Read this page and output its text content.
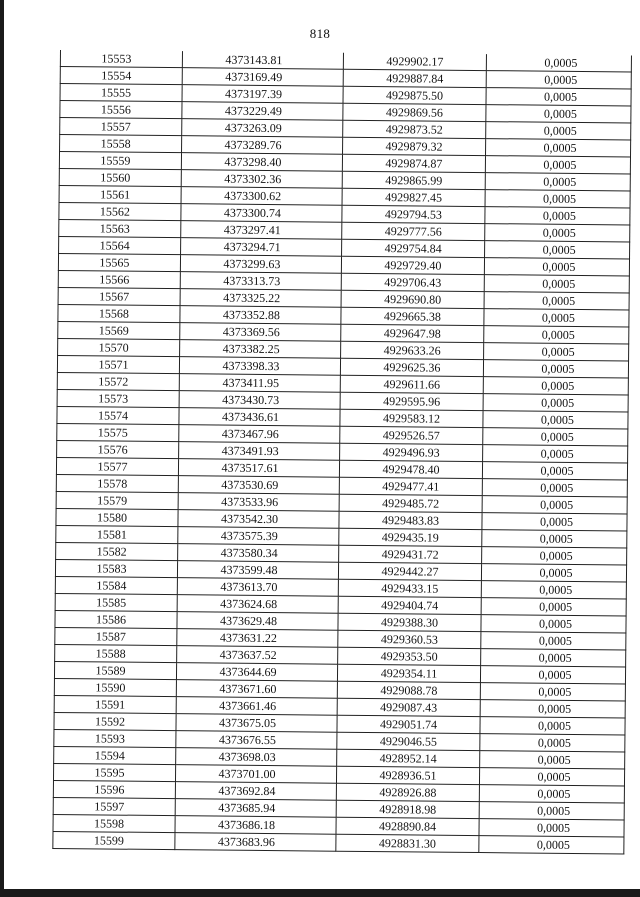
818
15553	4373143.81	4929902.17	0,0005
15554	4373169.49	4929887.84	0,0005
15555	4373197.39	4929875.50	0,0005
15556	4373229.49	4929869.56	0,0005
15557	4373263.09	4929873.52	0,0005
15558	4373289.76	4929879.32	0,0005
15559	4373298.40	4929874.87	0,0005
15560	4373302.36	4929865.99	0,0005
15561	4373300.62	4929827.45	0,0005
15562	4373300.74	4929794.53	0,0005
15563	4373297.41	4929777.56	0,0005
15564	4373294.71	4929754.84	0,0005
15565	4373299.63	4929729.40	0,0005
15566	4373313.73	4929706.43	0,0005
15567	4373325.22	4929690.80	0,0005
15568	4373352.88	4929665.38	0,0005
15569	4373369.56	4929647.98	0,0005
15570	4373382.25	4929633.26	0,0005
15571	4373398.33	4929625.36	0,0005
15572	4373411.95	4929611.66	0,0005
15573	4373430.73	4929595.96	0,0005
15574	4373436.61	4929583.12	0,0005
15575	4373467.96	4929526.57	0,0005
15576	4373491.93	4929496.93	0,0005
15577	4373517.61	4929478.40	0,0005
15578	4373530.69	4929477.41	0,0005
15579	4373533.96	4929485.72	0,0005
15580	4373542.30	4929483.83	0,0005
15581	4373575.39	4929435.19	0,0005
15582	4373580.34	4929431.72	0,0005
15583	4373599.48	4929442.27	0,0005
15584	4373613.70	4929433.15	0,0005
15585	4373624.68	4929404.74	0,0005
15586	4373629.48	4929388.30	0,0005
15587	4373631.22	4929360.53	0,0005
15588	4373637.52	4929353.50	0,0005
15589	4373644.69	4929354.11	0,0005
15590	4373671.60	4929088.78	0,0005
15591	4373661.46	4929087.43	0,0005
15592	4373675.05	4929051.74	0,0005
15593	4373676.55	4929046.55	0,0005
15594	4373698.03	4928952.14	0,0005
15595	4373701.00	4928936.51	0,0005
15596	4373692.84	4928926.88	0,0005
15597	4373685.94	4928918.98	0,0005
15598	4373686.18	4928890.84	0,0005
15599	4373683.96	4928831.30	0,0005
